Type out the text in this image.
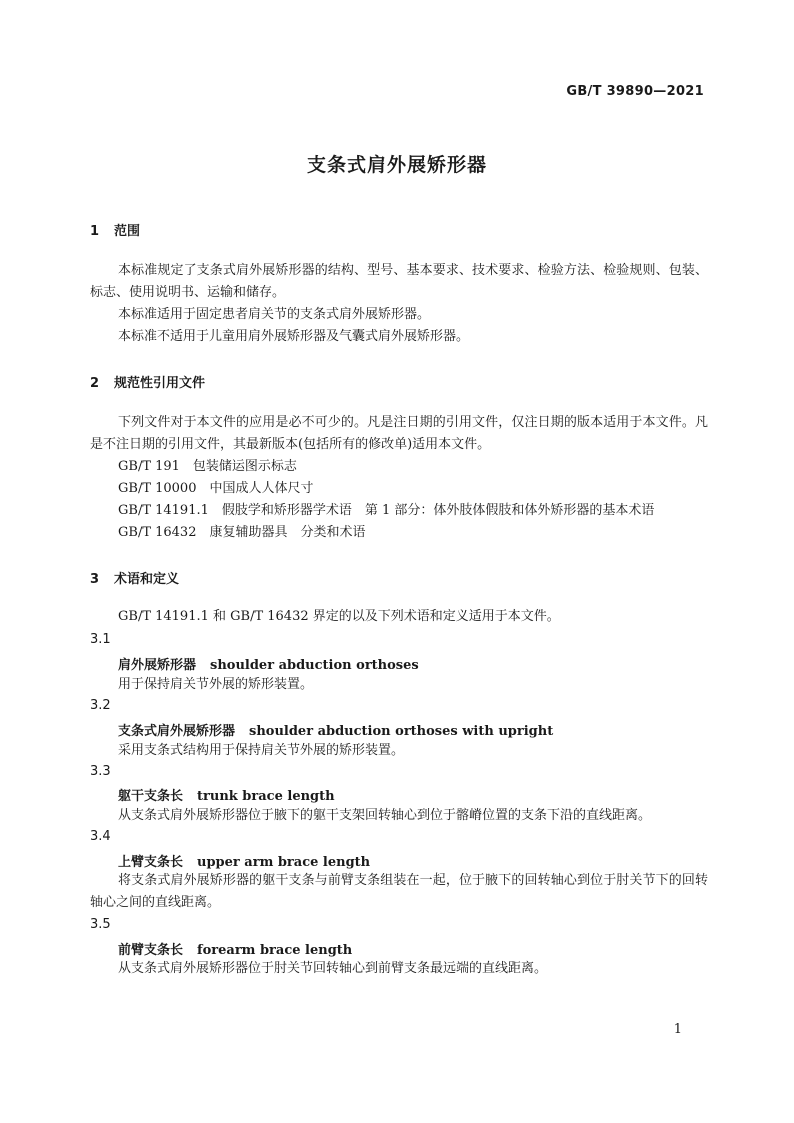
GB/T 39890—2021
支条式肩外展矫形器
1 范围
本标准规定了支条式肩外展矫形器的结构、型号、基本要求、技术要求、检验方法、检验规则、包装、标志、使用说明书、运输和储存。
本标准适用于固定患者肩关节的支条式肩外展矫形器。
本标准不适用于儿童用肩外展矫形器及气囊式肩外展矫形器。
2 规范性引用文件
下列文件对于本文件的应用是必不可少的。凡是注日期的引用文件，仅注日期的版本适用于本文件。凡是不注日期的引用文件，其最新版本(包括所有的修改单)适用本文件。
GB/T 191　包装储运图示标志
GB/T 10000　中国成人人体尺寸
GB/T 14191.1　假肢学和矫形器学术语　第 1 部分：体外肢体假肢和体外矫形器的基本术语
GB/T 16432　康复辅助器具　分类和术语
3 术语和定义
GB/T 14191.1 和 GB/T 16432 界定的以及下列术语和定义适用于本文件。
3.1
肩外展矫形器 shoulder abduction orthoses
用于保持肩关节外展的矫形装置。
3.2
支条式肩外展矫形器 shoulder abduction orthoses with upright
采用支条式结构用于保持肩关节外展的矫形装置。
3.3
躯干支条长 trunk brace length
从支条式肩外展矫形器位于腋下的躯干支架回转轴心到位于髂嵴位置的支条下沿的直线距离。
3.4
上臂支条长 upper arm brace length
将支条式肩外展矫形器的躯干支条与前臂支条组装在一起，位于腋下的回转轴心到位于肘关节下的回转轴心之间的直线距离。
3.5
前臂支条长 forearm brace length
从支条式肩外展矫形器位于肘关节回转轴心到前臂支条最远端的直线距离。
1
